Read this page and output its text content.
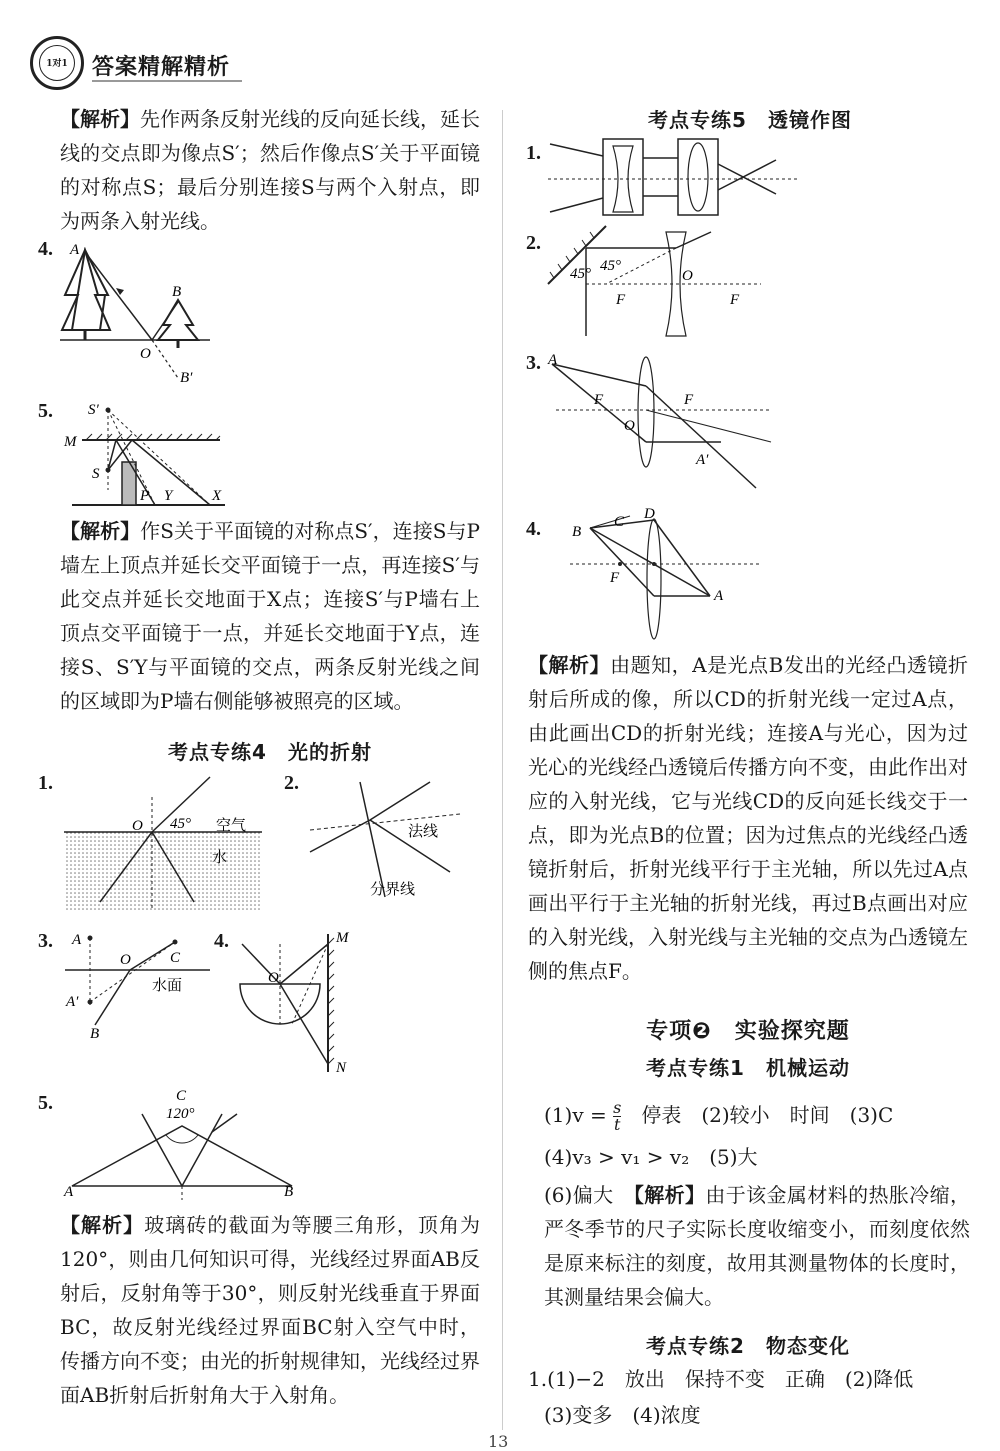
1对1	答案精解精析
【解析】先作两条反射光线的反向延长线，延长线的交点即为像点S′；然后作像点S′关于平面镜的对称点S；最后分别连接S与两个入射点，即为两条入射光线。
4. A
B
O
B′
5. S′
M
S
P Y	X
【解析】作S关于平面镜的对称点S′，连接S与P墙左上顶点并延长交平面镜于一点，再连接S′与此交点并延长交地面于X点；连接S′与P墙右上顶点交平面镜于一点，并延长交地面于Y点，连接S、S′Y与平面镜的交点，两条反射光线之间的区域即为P墙右侧能够被照亮的区域。
考点专练4　光的折射
1.
O 45° 空气
水
2.
法线
分界线
3. A
O	C
A′
水面
B
4.	M
O
N
5.	C
120°
A	B
【解析】玻璃砖的截面为等腰三角形，顶角为120°，则由几何知识可得，光线经过界面AB反射后，反射角等于30°，则反射光线垂直于界面BC，故反射光线经过界面BC射入空气中时，传播方向不变；由光的折射规律知，光线经过界面AB折射后折射角大于入射角。
考点专练5　透镜作图
1.
2.
45° 45°
O
F	F
3. A
F	F
O
A′
4.	C D
B
F
A
【解析】由题知，A是光点B发出的光经凸透镜折射后所成的像，所以CD的折射光线一定过A点，由此画出CD的折射光线；连接A与光心，因为过光心的光线经凸透镜后传播方向不变，由此作出对应的入射光线，它与光线CD的反向延长线交于一点，即为光点B的位置；因为过焦点的光线经凸透镜折射后，折射光线平行于主光轴，所以先过A点画出平行于主光轴的折射光线，再过B点画出对应的入射光线，入射光线与主光轴的交点为凸透镜左侧的焦点F。
专项❷　实验探究题
考点专练1　机械运动
$(1)v = \frac{s}{t}$ 　停表　(2)较小　时间　(3)C
(4)v₃ > v₁ > v₂　(5)大
(6)偏大　【解析】由于该金属材料的热胀冷缩，严冬季节的尺子实际长度收缩变小，而刻度依然是原来标注的刻度，故用其测量物体的长度时，其测量结果会偏大。
考点专练2　物态变化
1.(1)−2　放出　保持不变　正确　(2)降低
(3)变多　(4)浓度
13
